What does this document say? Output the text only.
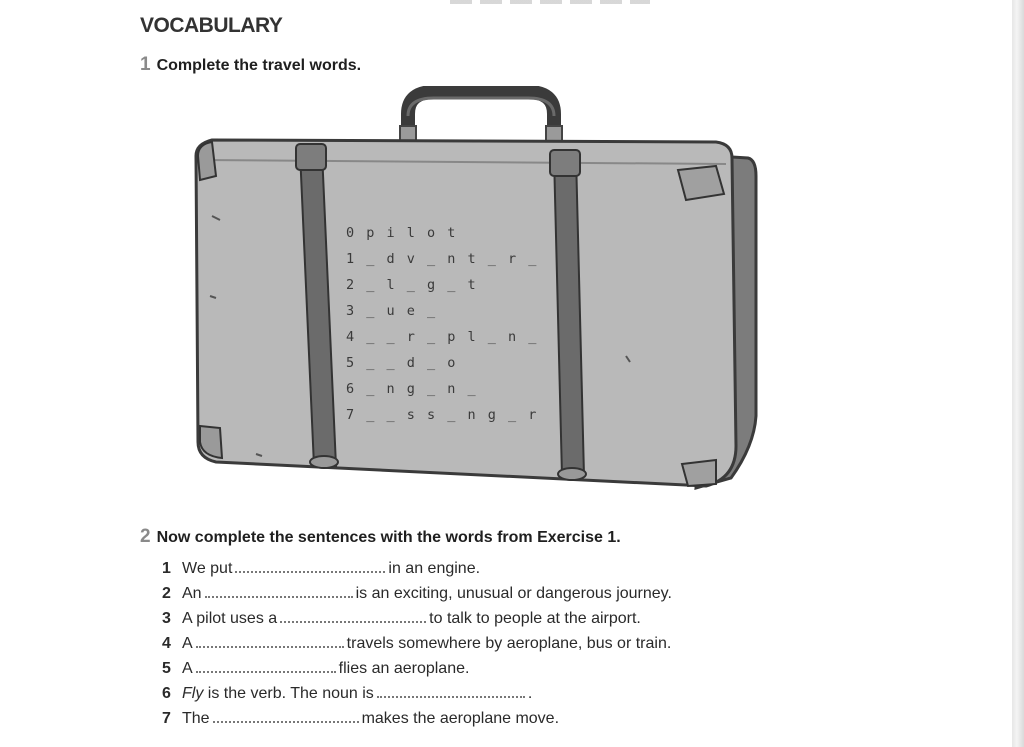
VOCABULARY
1 Complete the travel words.
0 p i l o t
1 _ d v _ n t _ r _
2 _ l _ g _ t
3 _ u e _
4 _ _ r _ p l _ n _
5 _ _ d _ o
6 _ n g _ n _
7 _ _ s s _ n g _ r
2 Now complete the sentences with the words from Exercise 1.
1 We put	in an engine.
2 An	is an exciting, unusual or dangerous journey.
3 A pilot uses a	to talk to people at the airport.
4 A	travels somewhere by aeroplane, bus or train.
5 A	flies an aeroplane.
6 Fly is the verb. The noun is	.
7 The	makes the aeroplane move.
